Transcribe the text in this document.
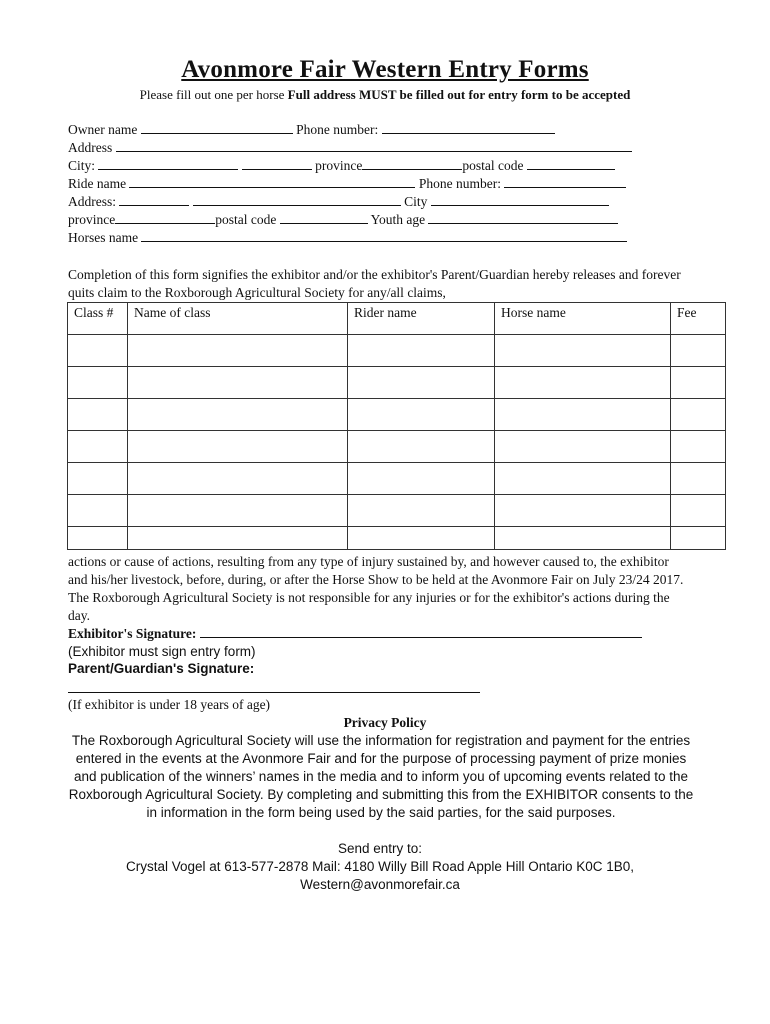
Avonmore Fair Western Entry Forms
Please fill out one per horse Full address MUST be filled out for entry form to be accepted
Owner name	Phone number:
Address
City:	province	postal code
Ride name	Phone number:
Address:	City
province	postal code	Youth age
Horses name
Completion of this form signifies the exhibitor and/or the exhibitor's Parent/Guardian hereby releases and forever quits claim to the Roxborough Agricultural Society for any/all claims,
Class #	Name of class	Rider name	Horse name	Fee

actions or cause of actions, resulting from any type of injury sustained by, and however caused to, the exhibitor and his/her livestock, before, during, or after the Horse Show to be held at the Avonmore Fair on July 23/24 2017. The Roxborough Agricultural Society is not responsible for any injuries or for the exhibitor's actions during the day.
Exhibitor's Signature:
(Exhibitor must sign entry form)
Parent/Guardian's Signature:
(If exhibitor is under 18 years of age)
Privacy Policy
The Roxborough Agricultural Society will use the information for registration and payment for the entries entered in the events at the Avonmore Fair and for the purpose of processing payment of prize monies and publication of the winners’ names in the media and to inform you of upcoming events related to the Roxborough Agricultural Society. By completing and submitting this from the EXHIBITOR consents to the in information in the form being used by the said parties, for the said purposes.
Send entry to:
Crystal Vogel at 613-577-2878 Mail: 4180 Willy Bill Road Apple Hill Ontario K0C 1B0,
Western@avonmorefair.ca
